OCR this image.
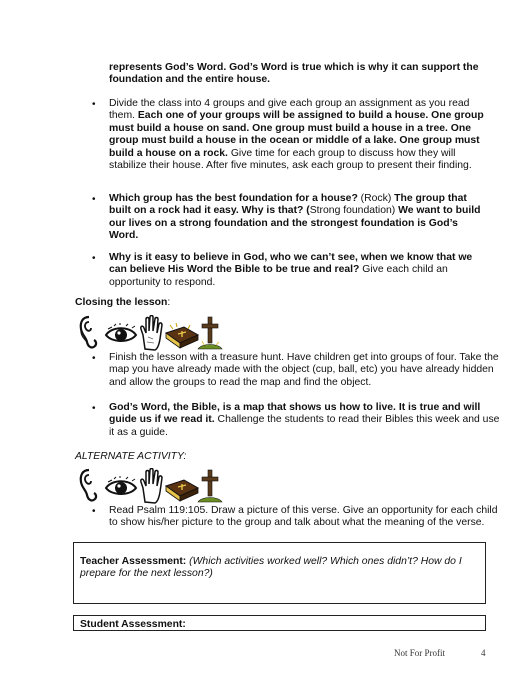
represents God’s Word. God’s Word is true which is why it can support the foundation and the entire house.
• Divide the class into 4 groups and give each group an assignment as you read them. Each one of your groups will be assigned to build a house. One group must build a house on sand. One group must build a house in a tree. One group must build a house in the ocean or middle of a lake. One group must build a house on a rock. Give time for each group to discuss how they will stabilize their house. After five minutes, ask each group to present their finding.
• Which group has the best foundation for a house? (Rock) The group that built on a rock had it easy. Why is that? (Strong foundation) We want to build our lives on a strong foundation and the strongest foundation is God’s Word.
• Why is it easy to believe in God, who we can’t see, when we know that we can believe His Word the Bible to be true and real? Give each child an opportunity to respond.
Closing the lesson:
• Finish the lesson with a treasure hunt. Have children get into groups of four. Take the map you have already made with the object (cup, ball, etc) you have already hidden and allow the groups to read the map and find the object.
• God’s Word, the Bible, is a map that shows us how to live. It is true and will guide us if we read it. Challenge the students to read their Bibles this week and use it as a guide.
ALTERNATE ACTIVITY:
• Read Psalm 119:105. Draw a picture of this verse. Give an opportunity for each child to show his/her picture to the group and talk about what the meaning of the verse.
Teacher Assessment: (Which activities worked well? Which ones didn’t? How do I prepare for the next lesson?)
Student Assessment:
Not For Profit	4
